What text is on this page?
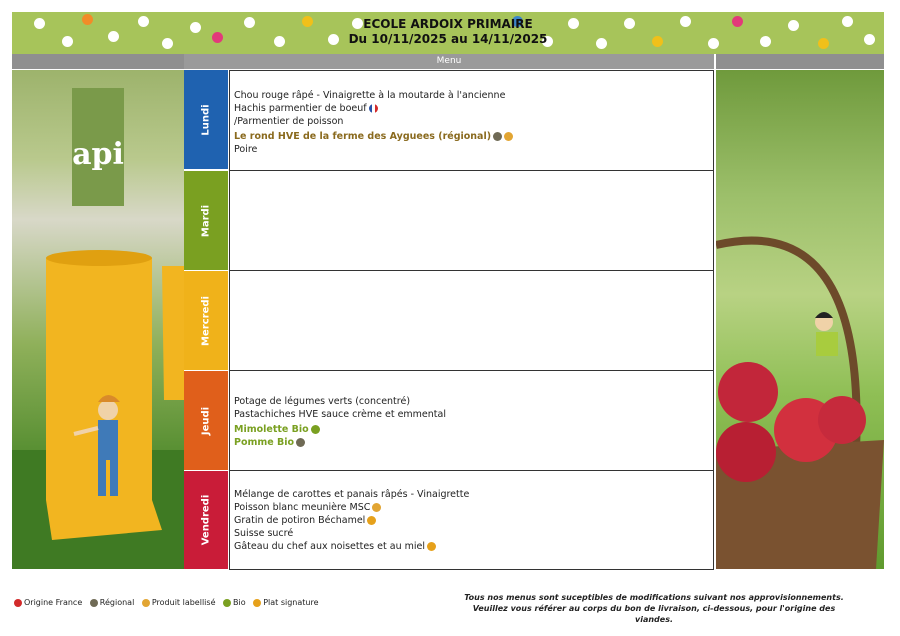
ECOLE ARDOIX PRIMAIRE
Du 10/11/2025 au 14/11/2025
Menu
api
Lundi
Mardi
Mercredi
Jeudi
Vendredi
Chou rouge râpé - Vinaigrette à la moutarde à l'ancienne
Hachis parmentier de boeuf
/Parmentier de poisson
Le rond HVE de la ferme des Ayguees (régional)
Poire
Potage de légumes verts (concentré)
Pastachiches HVE sauce crème et emmental
Mimolette Bio
Pomme Bio
Mélange de carottes et panais râpés - Vinaigrette
Poisson blanc meunière MSC
Gratin de potiron Béchamel
Suisse sucré
Gâteau du chef aux noisettes et au miel
Origine France Régional Produit labellisé Bio Plat signature
Tous nos menus sont suceptibles de modifications suivant nos approvisionnements.
Veuillez vous référer au corps du bon de livraison, ci-dessous, pour l'origine des viandes.
